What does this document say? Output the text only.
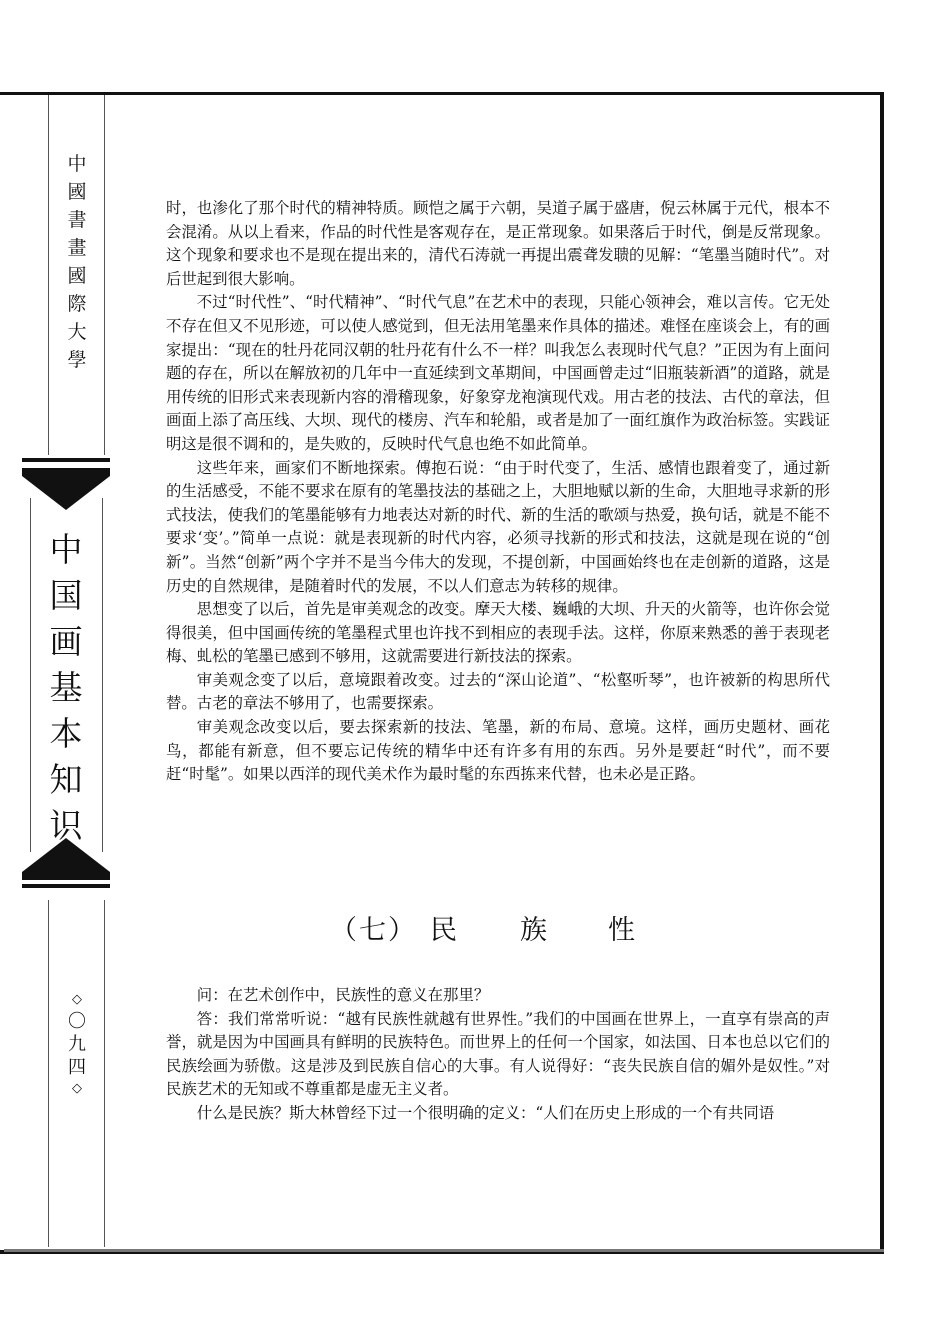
中
國
書
畫
國
際
大
學
中
国
画
基
本
知
识
◇
〇
九
四
◇

时，也渗化了那个时代的精神特质。顾恺之属于六朝，吴道子属于盛唐，倪云林属于元代，根本不会混淆。从以上看来，作品的时代性是客观存在，是正常现象。如果落后于时代，倒是反常现象。这个现象和要求也不是现在提出来的，清代石涛就一再提出震聋发聩的见解：“笔墨当随时代”。对后世起到很大影响。

不过“时代性”、“时代精神”、“时代气息”在艺术中的表现，只能心领神会，难以言传。它无处不存在但又不见形迹，可以使人感觉到，但无法用笔墨来作具体的描述。难怪在座谈会上，有的画家提出：“现在的牡丹花同汉朝的牡丹花有什么不一样？叫我怎么表现时代气息？”正因为有上面问题的存在，所以在解放初的几年中一直延续到文革期间，中国画曾走过“旧瓶装新酒”的道路，就是用传统的旧形式来表现新内容的滑稽现象，好象穿龙袍演现代戏。用古老的技法、古代的章法，但画面上添了高压线、大坝、现代的楼房、汽车和轮船，或者是加了一面红旗作为政治标签。实践证明这是很不调和的，是失败的，反映时代气息也绝不如此简单。

这些年来，画家们不断地探索。傅抱石说：“由于时代变了，生活、感情也跟着变了，通过新的生活感受，不能不要求在原有的笔墨技法的基础之上，大胆地赋以新的生命，大胆地寻求新的形式技法，使我们的笔墨能够有力地表达对新的时代、新的生活的歌颂与热爱，换句话，就是不能不要求‘变’。”简单一点说：就是表现新的时代内容，必须寻找新的形式和技法，这就是现在说的“创新”。当然“创新”两个字并不是当今伟大的发现，不提创新，中国画始终也在走创新的道路，这是历史的自然规律，是随着时代的发展，不以人们意志为转移的规律。

思想变了以后，首先是审美观念的改变。摩天大楼、巍峨的大坝、升天的火箭等，也许你会觉得很美，但中国画传统的笔墨程式里也许找不到相应的表现手法。这样，你原来熟悉的善于表现老梅、虬松的笔墨已感到不够用，这就需要进行新技法的探索。

审美观念变了以后，意境跟着改变。过去的“深山论道”、“松壑听琴”，也许被新的构思所代替。古老的章法不够用了，也需要探索。

审美观念改变以后，要去探索新的技法、笔墨，新的布局、意境。这样，画历史题材、画花鸟，都能有新意，但不要忘记传统的精华中还有许多有用的东西。另外是要赶“时代”，而不要赶“时髦”。如果以西洋的现代美术作为最时髦的东西拣来代替，也未必是正路。

（七） 民 族 性

问：在艺术创作中，民族性的意义在那里？

答：我们常常听说：“越有民族性就越有世界性。”我们的中国画在世界上，一直享有崇高的声誉，就是因为中国画具有鲜明的民族特色。而世界上的任何一个国家，如法国、日本也总以它们的民族绘画为骄傲。这是涉及到民族自信心的大事。有人说得好：“丧失民族自信的媚外是奴性。”对民族艺术的无知或不尊重都是虚无主义者。

什么是民族？斯大林曾经下过一个很明确的定义：“人们在历史上形成的一个有共同语
